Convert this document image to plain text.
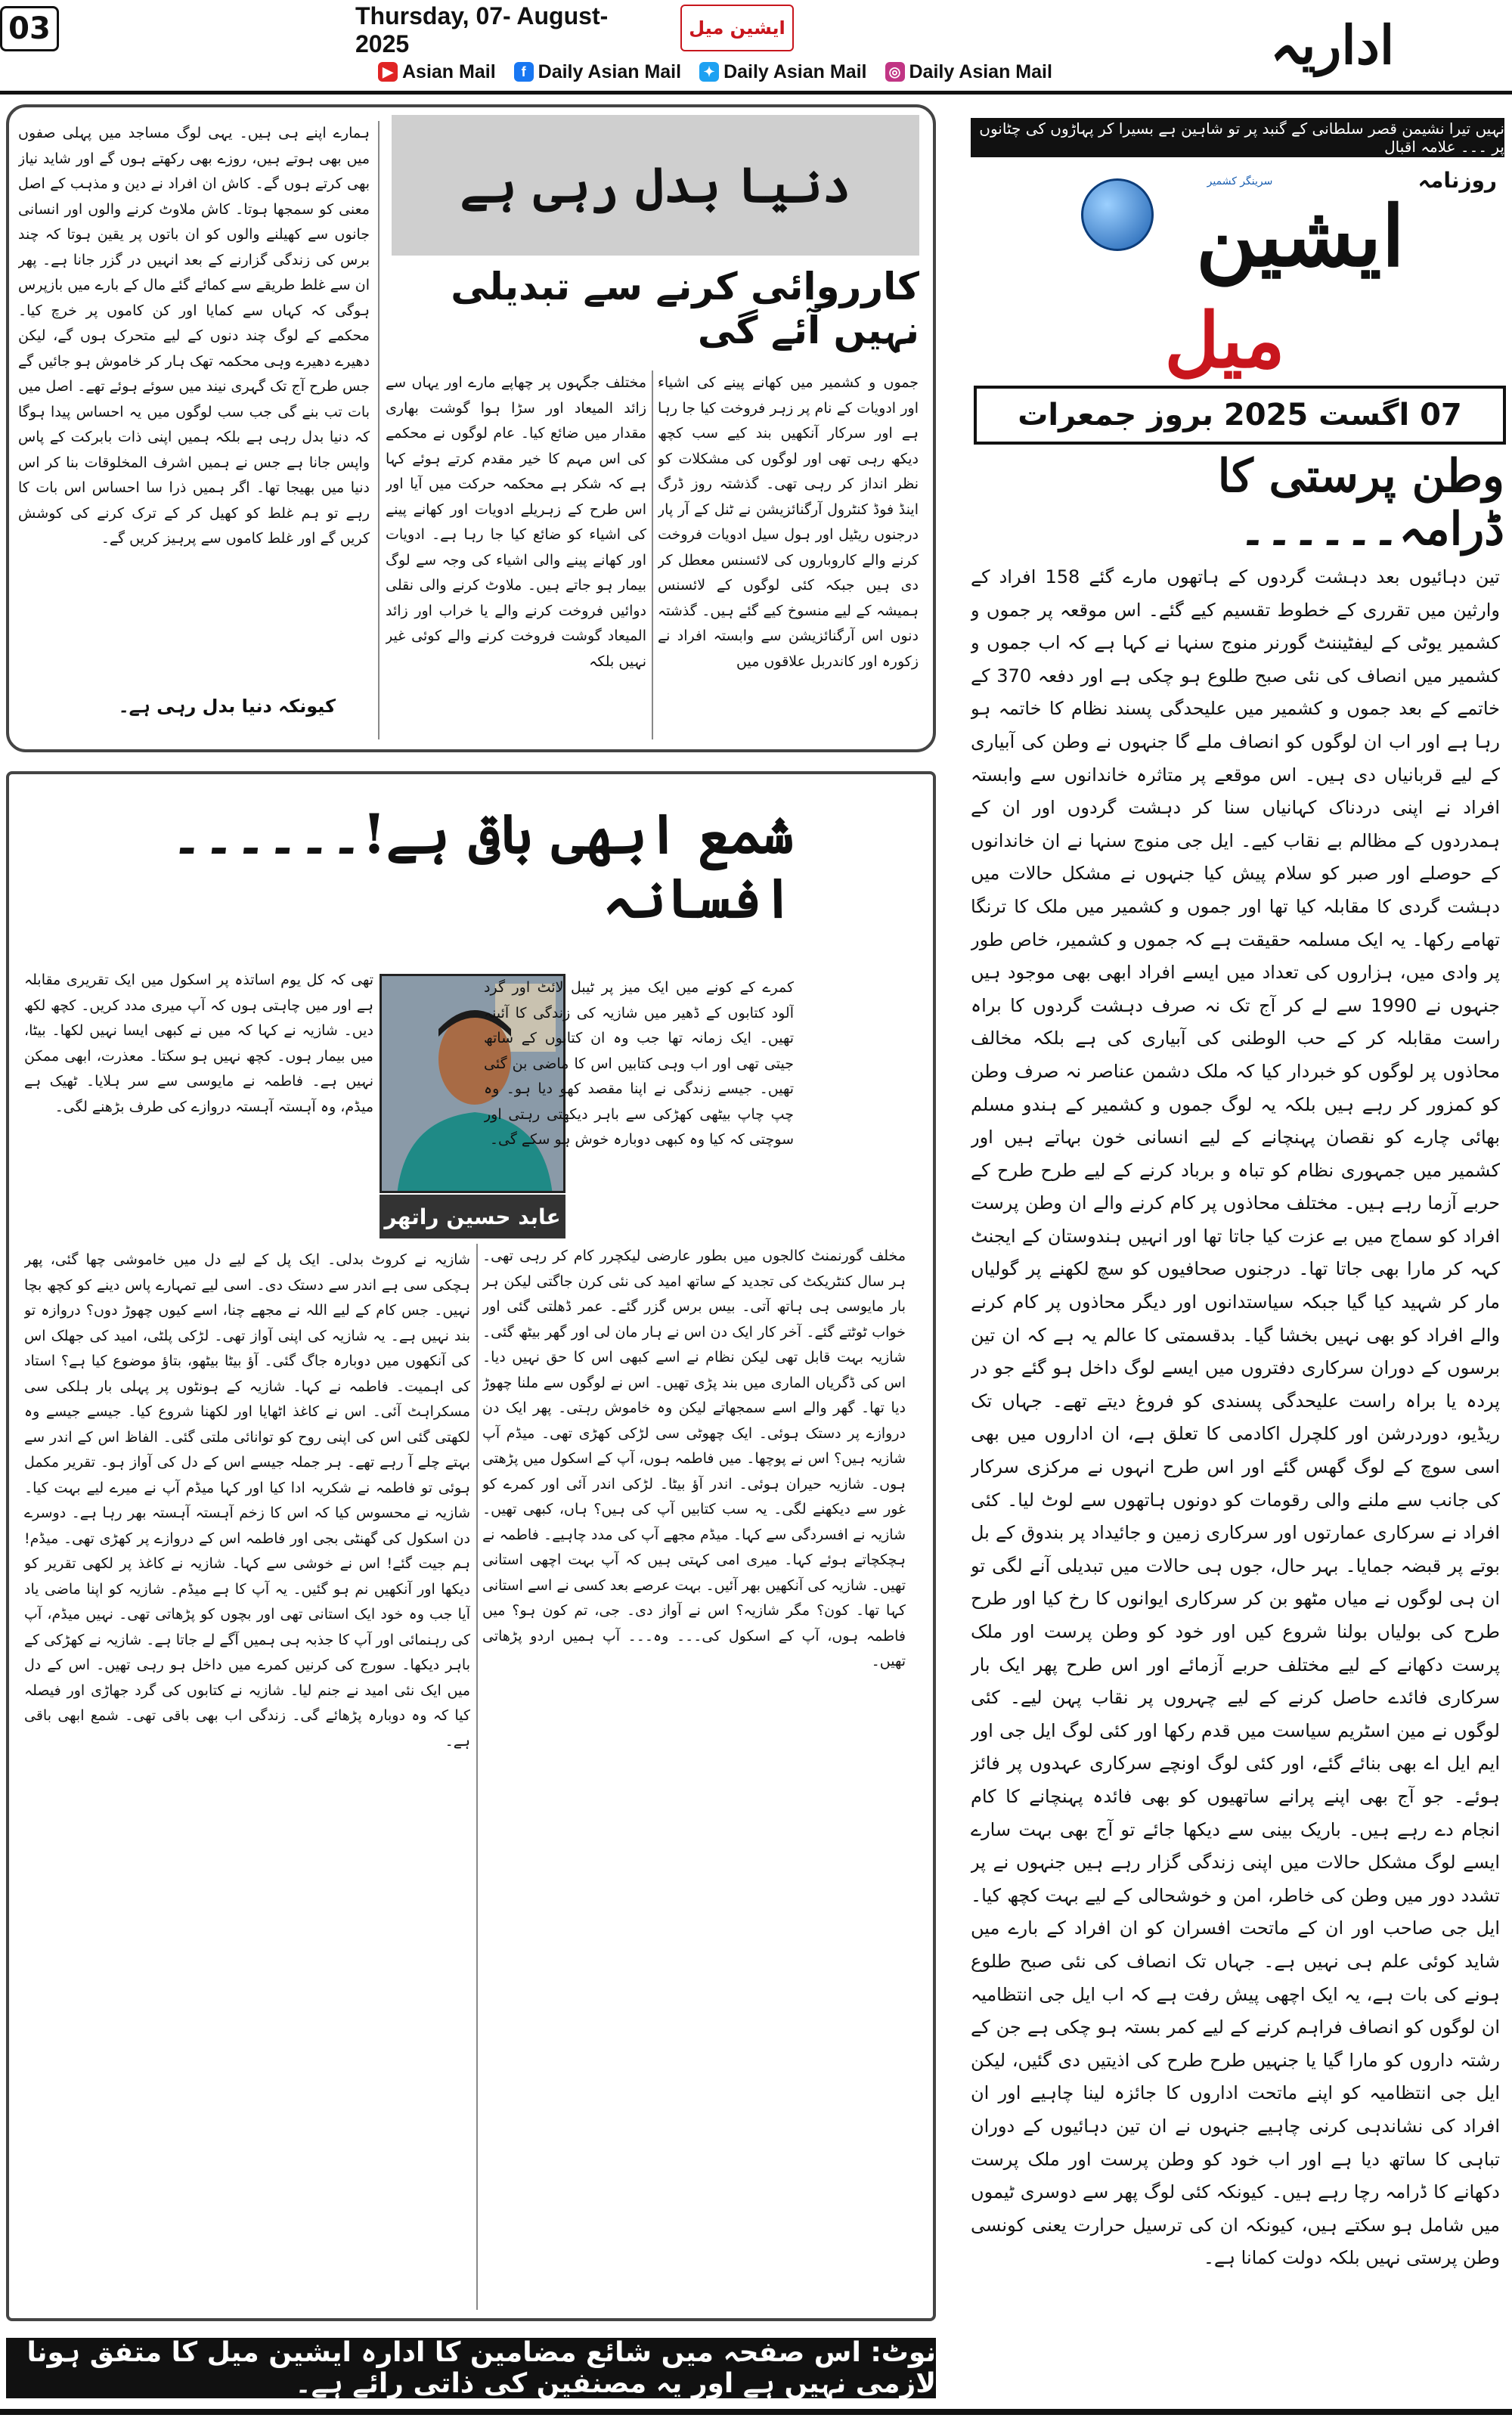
03	Thursday, 07- August-2025
ایشین میل	اداریہ
▶ Asian Mail	f Daily Asian Mail	✦ Daily Asian Mail ◎ Daily Asian Mail
دنیا بدل رہی ہے
کارروائی کرنے سے تبدیلی نہیں آئے گی
جموں و کشمیر میں کھانے پینے کی اشیاء اور ادویات کے نام پر زہر فروخت کیا جا رہا ہے اور سرکار آنکھیں بند کیے سب کچھ دیکھ رہی تھی اور لوگوں کی مشکلات کو نظر انداز کر رہی تھی۔ گذشتہ روز ڈرگ اینڈ فوڈ کنٹرول آرگنائزیشن نے ٹنل کے آر پار درجنوں ریٹیل اور ہول سیل ادویات فروخت کرنے والے کاروباروں کی لائسنس معطل کر دی ہیں جبکہ کئی لوگوں کے لائسنس ہمیشہ کے لیے منسوخ کیے گئے ہیں۔ گذشتہ دنوں اس آرگنائزیشن سے وابستہ افراد نے زکورہ اور کاندربل علاقوں میں
مختلف جگہوں پر چھاپے مارے اور یہاں سے زائد المیعاد اور سڑا ہوا گوشت بھاری مقدار میں ضائع کیا۔ عام لوگوں نے محکمے کی اس مہم کا خیر مقدم کرتے ہوئے کہا ہے کہ شکر ہے محکمہ حرکت میں آیا اور اس طرح کے زہریلے ادویات اور کھانے پینے کی اشیاء کو ضائع کیا جا رہا ہے۔ ادویات اور کھانے پینے والی اشیاء کی وجہ سے لوگ بیمار ہو جاتے ہیں۔ ملاوٹ کرنے والی نقلی دوائیں فروخت کرنے والے یا خراب اور زائد المیعاد گوشت فروخت کرنے والے کوئی غیر نہیں بلکہ
ہمارے اپنے ہی ہیں۔ یہی لوگ مساجد میں پہلی صفوں میں بھی ہوتے ہیں، روزے بھی رکھتے ہوں گے اور شاید نیاز بھی کرتے ہوں گے۔ کاش ان افراد نے دین و مذہب کے اصل معنی کو سمجھا ہوتا۔ کاش ملاوٹ کرنے والوں اور انسانی جانوں سے کھیلنے والوں کو ان باتوں پر یقین ہوتا کہ چند برس کی زندگی گزارنے کے بعد انہیں در گزر جانا ہے۔ پھر ان سے غلط طریقے سے کمائے گئے مال کے بارے میں بازپرس ہوگی کہ کہاں سے کمایا اور کن کاموں پر خرچ کیا۔ محکمے کے لوگ چند دنوں کے لیے متحرک ہوں گے، لیکن دھیرے دھیرے وہی محکمہ تھک ہار کر خاموش ہو جائیں گے جس طرح آج تک گہری نیند میں سوئے ہوئے تھے۔ اصل میں بات تب بنے گی جب سب لوگوں میں یہ احساس پیدا ہوگا کہ دنیا بدل رہی ہے بلکہ ہمیں اپنی ذات بابرکت کے پاس واپس جانا ہے جس نے ہمیں اشرف المخلوقات بنا کر اس دنیا میں بھیجا تھا۔ اگر ہمیں ذرا سا احساس اس بات کا رہے تو ہم غلط کو کھیل کر کے ترک کرنے کی کوشش کریں گے اور غلط کاموں سے پرہیز کریں گے۔
کیونکہ دنیا بدل رہی ہے۔
شمع ابھی باقی ہے!۔۔۔۔۔۔افسانہ
عابد حسین راتھر
کمرے کے کونے میں ایک میز پر ٹیبل لائٹ اور گرد آلود کتابوں کے ڈھیر میں شازیہ کی زندگی کا آئینہ تھیں۔ ایک زمانہ تھا جب وہ ان کتابوں کے ساتھ جیتی تھی اور اب وہی کتابیں اس کا ماضی بن گئی تھیں۔ جیسے زندگی نے اپنا مقصد کھو دیا ہو۔ وہ چپ چاپ بیٹھی کھڑکی سے باہر دیکھتی رہتی اور سوچتی کہ کیا وہ کبھی دوبارہ خوش ہو سکے گی۔
تھی کہ کل یوم اساتذہ پر اسکول میں ایک تقریری مقابلہ ہے اور میں چاہتی ہوں کہ آپ میری مدد کریں۔ کچھ لکھ دیں۔ شازیہ نے کہا کہ میں نے کبھی ایسا نہیں لکھا۔ بیٹا، میں بیمار ہوں۔ کچھ نہیں ہو سکتا۔ معذرت، ابھی ممکن نہیں ہے۔ فاطمہ نے مایوسی سے سر ہلایا۔ ٹھیک ہے میڈم، وہ آہستہ آہستہ دروازے کی طرف بڑھنے لگی۔
مخلف گورنمنٹ کالجوں میں بطور عارضی لیکچرر کام کر رہی تھی۔ ہر سال کنٹریکٹ کی تجدید کے ساتھ امید کی نئی کرن جاگتی لیکن ہر بار مایوسی ہی ہاتھ آتی۔ بیس برس گزر گئے۔ عمر ڈھلتی گئی اور خواب ٹوٹتے گئے۔ آخر کار ایک دن اس نے ہار مان لی اور گھر بیٹھ گئی۔ شازیہ بہت قابل تھی لیکن نظام نے اسے کبھی اس کا حق نہیں دیا۔ اس کی ڈگریاں الماری میں بند پڑی تھیں۔ اس نے لوگوں سے ملنا چھوڑ دیا تھا۔ گھر والے اسے سمجھاتے لیکن وہ خاموش رہتی۔ پھر ایک دن دروازے پر دستک ہوئی۔ ایک چھوٹی سی لڑکی کھڑی تھی۔ میڈم آپ شازیہ ہیں؟ اس نے پوچھا۔ میں فاطمہ ہوں، آپ کے اسکول میں پڑھتی ہوں۔ شازیہ حیران ہوئی۔ اندر آؤ بیٹا۔ لڑکی اندر آئی اور کمرے کو غور سے دیکھنے لگی۔ یہ سب کتابیں آپ کی ہیں؟ ہاں، کبھی تھیں۔ شازیہ نے افسردگی سے کہا۔ میڈم مجھے آپ کی مدد چاہیے۔ فاطمہ نے ہچکچاتے ہوئے کہا۔ میری امی کہتی ہیں کہ آپ بہت اچھی استانی تھیں۔ شازیہ کی آنکھیں بھر آئیں۔ بہت عرصے بعد کسی نے اسے استانی کہا تھا۔ کون؟ مگر شازیہ؟ اس نے آواز دی۔ جی، تم کون ہو؟ میں فاطمہ ہوں، آپ کے اسکول کی۔۔۔ وہ۔۔۔ آپ ہمیں اردو پڑھاتی تھیں۔
شازیہ نے کروٹ بدلی۔ ایک پل کے لیے دل میں خاموشی چھا گئی، پھر ہچکی سی ہے اندر سے دستک دی۔ اسی لیے تمہارے پاس دینے کو کچھ بچا نہیں۔ جس کام کے لیے اللہ نے مجھے چنا، اسے کیوں چھوڑ دوں؟ دروازہ تو بند نہیں ہے۔ یہ شازیہ کی اپنی آواز تھی۔ لڑکی پلٹی، امید کی جھلک اس کی آنکھوں میں دوبارہ جاگ گئی۔ آؤ بیٹا بیٹھو، بتاؤ موضوع کیا ہے؟ استاد کی اہمیت۔ فاطمہ نے کہا۔ شازیہ کے ہونٹوں پر پہلی بار ہلکی سی مسکراہٹ آئی۔ اس نے کاغذ اٹھایا اور لکھنا شروع کیا۔ جیسے جیسے وہ لکھتی گئی اس کی اپنی روح کو توانائی ملتی گئی۔ الفاظ اس کے اندر سے بہتے چلے آ رہے تھے۔ ہر جملہ جیسے اس کے دل کی آواز ہو۔ تقریر مکمل ہوئی تو فاطمہ نے شکریہ ادا کیا اور کہا میڈم آپ نے میرے لیے بہت کیا۔ شازیہ نے محسوس کیا کہ اس کا زخم آہستہ آہستہ بھر رہا ہے۔ دوسرے دن اسکول کی گھنٹی بجی اور فاطمہ اس کے دروازے پر کھڑی تھی۔ میڈم! ہم جیت گئے! اس نے خوشی سے کہا۔ شازیہ نے کاغذ پر لکھی تقریر کو دیکھا اور آنکھیں نم ہو گئیں۔ یہ آپ کا ہے میڈم۔ شازیہ کو اپنا ماضی یاد آیا جب وہ خود ایک استانی تھی اور بچوں کو پڑھاتی تھی۔ نہیں میڈم، آپ کی رہنمائی اور آپ کا جذبہ ہی ہمیں آگے لے جاتا ہے۔ شازیہ نے کھڑکی کے باہر دیکھا۔ سورج کی کرنیں کمرے میں داخل ہو رہی تھیں۔ اس کے دل میں ایک نئی امید نے جنم لیا۔ شازیہ نے کتابوں کی گرد جھاڑی اور فیصلہ کیا کہ وہ دوبارہ پڑھائے گی۔ زندگی اب بھی باقی تھی۔ شمع ابھی باقی ہے۔
نوٹ: اس صفحہ میں شائع مضامین کا ادارہ ایشین میل کا متفق ہونا لازمی نہیں ہے اور یہ مصنفین کی ذاتی رائے ہے۔
نہیں تیرا نشیمن قصر سلطانی کے گنبد پر تو شاہین ہے بسیرا کر پہاڑوں کی چٹانوں پر ۔۔۔ علامہ اقبال
روزنامہ
سرینگر کشمیر
ایشین
میل
07 اگست 2025 بروز جمعرات
وطن پرستی کا ڈرامہ۔۔۔۔۔۔
تین دہائیوں بعد دہشت گردوں کے ہاتھوں مارے گئے 158 افراد کے وارثین میں تقرری کے خطوط تقسیم کیے گئے۔ اس موقعہ پر جموں و کشمیر یوٹی کے لیفٹیننٹ گورنر منوج سنہا نے کہا ہے کہ اب جموں و کشمیر میں انصاف کی نئی صبح طلوع ہو چکی ہے اور دفعہ 370 کے خاتمے کے بعد جموں و کشمیر میں علیحدگی پسند نظام کا خاتمہ ہو رہا ہے اور اب ان لوگوں کو انصاف ملے گا جنہوں نے وطن کی آبیاری کے لیے قربانیاں دی ہیں۔ اس موقعے پر متاثرہ خاندانوں سے وابستہ افراد نے اپنی دردناک کہانیاں سنا کر دہشت گردوں اور ان کے ہمدردوں کے مظالم بے نقاب کیے۔ ایل جی منوج سنہا نے ان خاندانوں کے حوصلے اور صبر کو سلام پیش کیا جنہوں نے مشکل حالات میں دہشت گردی کا مقابلہ کیا تھا اور جموں و کشمیر میں ملک کا ترنگا تھامے رکھا۔ یہ ایک مسلمہ حقیقت ہے کہ جموں و کشمیر، خاص طور پر وادی میں، ہزاروں کی تعداد میں ایسے افراد ابھی بھی موجود ہیں جنہوں نے 1990 سے لے کر آج تک نہ صرف دہشت گردوں کا براہ راست مقابلہ کر کے حب الوطنی کی آبیاری کی ہے بلکہ مخالف محاذوں پر لوگوں کو خبردار کیا کہ ملک دشمن عناصر نہ صرف وطن کو کمزور کر رہے ہیں بلکہ یہ لوگ جموں و کشمیر کے ہندو مسلم بھائی چارے کو نقصان پہنچانے کے لیے انسانی خون بہاتے ہیں اور کشمیر میں جمہوری نظام کو تباہ و برباد کرنے کے لیے طرح طرح کے حربے آزما رہے ہیں۔ مختلف محاذوں پر کام کرنے والے ان وطن پرست افراد کو سماج میں بے عزت کیا جاتا تھا اور انہیں ہندوستان کے ایجنٹ کہہ کر مارا بھی جاتا تھا۔ درجنوں صحافیوں کو سچ لکھنے پر گولیاں مار کر شہید کیا گیا جبکہ سیاستدانوں اور دیگر محاذوں پر کام کرنے والے افراد کو بھی نہیں بخشا گیا۔ بدقسمتی کا عالم یہ ہے کہ ان تین برسوں کے دوران سرکاری دفتروں میں ایسے لوگ داخل ہو گئے جو در پردہ یا براہ راست علیحدگی پسندی کو فروغ دیتے تھے۔ جہاں تک ریڈیو، دوردرشن اور کلچرل اکادمی کا تعلق ہے، ان اداروں میں بھی اسی سوچ کے لوگ گھس گئے اور اس طرح انہوں نے مرکزی سرکار کی جانب سے ملنے والی رقومات کو دونوں ہاتھوں سے لوٹ لیا۔ کئی افراد نے سرکاری عمارتوں اور سرکاری زمین و جائیداد پر بندوق کے بل بوتے پر قبضہ جمایا۔ بہر حال، جوں ہی حالات میں تبدیلی آنے لگی تو ان ہی لوگوں نے میاں مٹھو بن کر سرکاری ایوانوں کا رخ کیا اور طرح طرح کی بولیاں بولنا شروع کیں اور خود کو وطن پرست اور ملک پرست دکھانے کے لیے مختلف حربے آزمائے اور اس طرح پھر ایک بار سرکاری فائدے حاصل کرنے کے لیے چہروں پر نقاب پہن لیے۔ کئی لوگوں نے مین اسٹریم سیاست میں قدم رکھا اور کئی لوگ ایل جی اور ایم ایل اے بھی بنائے گئے، اور کئی لوگ اونچے سرکاری عہدوں پر فائز ہوئے۔ جو آج بھی اپنے پرانے ساتھیوں کو بھی فائدہ پہنچانے کا کام انجام دے رہے ہیں۔ باریک بینی سے دیکھا جائے تو آج بھی بہت سارے ایسے لوگ مشکل حالات میں اپنی زندگی گزار رہے ہیں جنہوں نے پر تشدد دور میں وطن کی خاطر، امن و خوشحالی کے لیے بہت کچھ کیا۔ ایل جی صاحب اور ان کے ماتحت افسران کو ان افراد کے بارے میں شاید کوئی علم ہی نہیں ہے۔ جہاں تک انصاف کی نئی صبح طلوع ہونے کی بات ہے، یہ ایک اچھی پیش رفت ہے کہ اب ایل جی انتظامیہ ان لوگوں کو انصاف فراہم کرنے کے لیے کمر بستہ ہو چکی ہے جن کے رشتہ داروں کو مارا گیا یا جنہیں طرح طرح کی اذیتیں دی گئیں، لیکن ایل جی انتظامیہ کو اپنے ماتحت اداروں کا جائزہ لینا چاہیے اور ان افراد کی نشاندہی کرنی چاہیے جنہوں نے ان تین دہائیوں کے دوران تباہی کا ساتھ دیا ہے اور اب خود کو وطن پرست اور ملک پرست دکھانے کا ڈرامہ رچا رہے ہیں۔ کیونکہ کئی لوگ پھر سے دوسری ٹیموں میں شامل ہو سکتے ہیں، کیونکہ ان کی ترسیل حرارت یعنی کونسی وطن پرستی نہیں بلکہ دولت کمانا ہے۔
